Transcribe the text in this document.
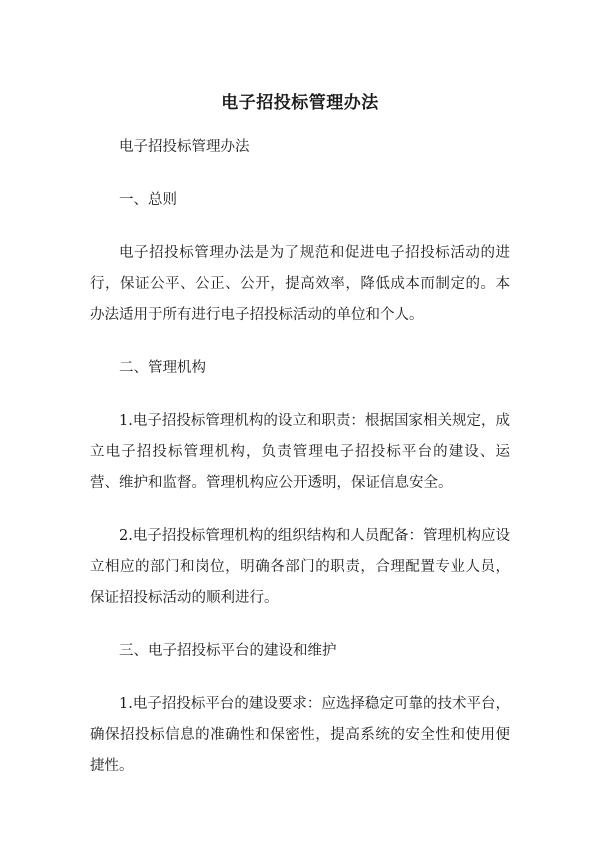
电子招投标管理办法

电子招投标管理办法

一、总则

电子招投标管理办法是为了规范和促进电子招投标活动的进行，保证公平、公正、公开，提高效率，降低成本而制定的。本办法适用于所有进行电子招投标活动的单位和个人。

二、管理机构

1.电子招投标管理机构的设立和职责：根据国家相关规定，成立电子招投标管理机构，负责管理电子招投标平台的建设、运营、维护和监督。管理机构应公开透明，保证信息安全。

2.电子招投标管理机构的组织结构和人员配备：管理机构应设立相应的部门和岗位，明确各部门的职责，合理配置专业人员，保证招投标活动的顺利进行。

三、电子招投标平台的建设和维护

1.电子招投标平台的建设要求：应选择稳定可靠的技术平台，确保招投标信息的准确性和保密性，提高系统的安全性和使用便捷性。
